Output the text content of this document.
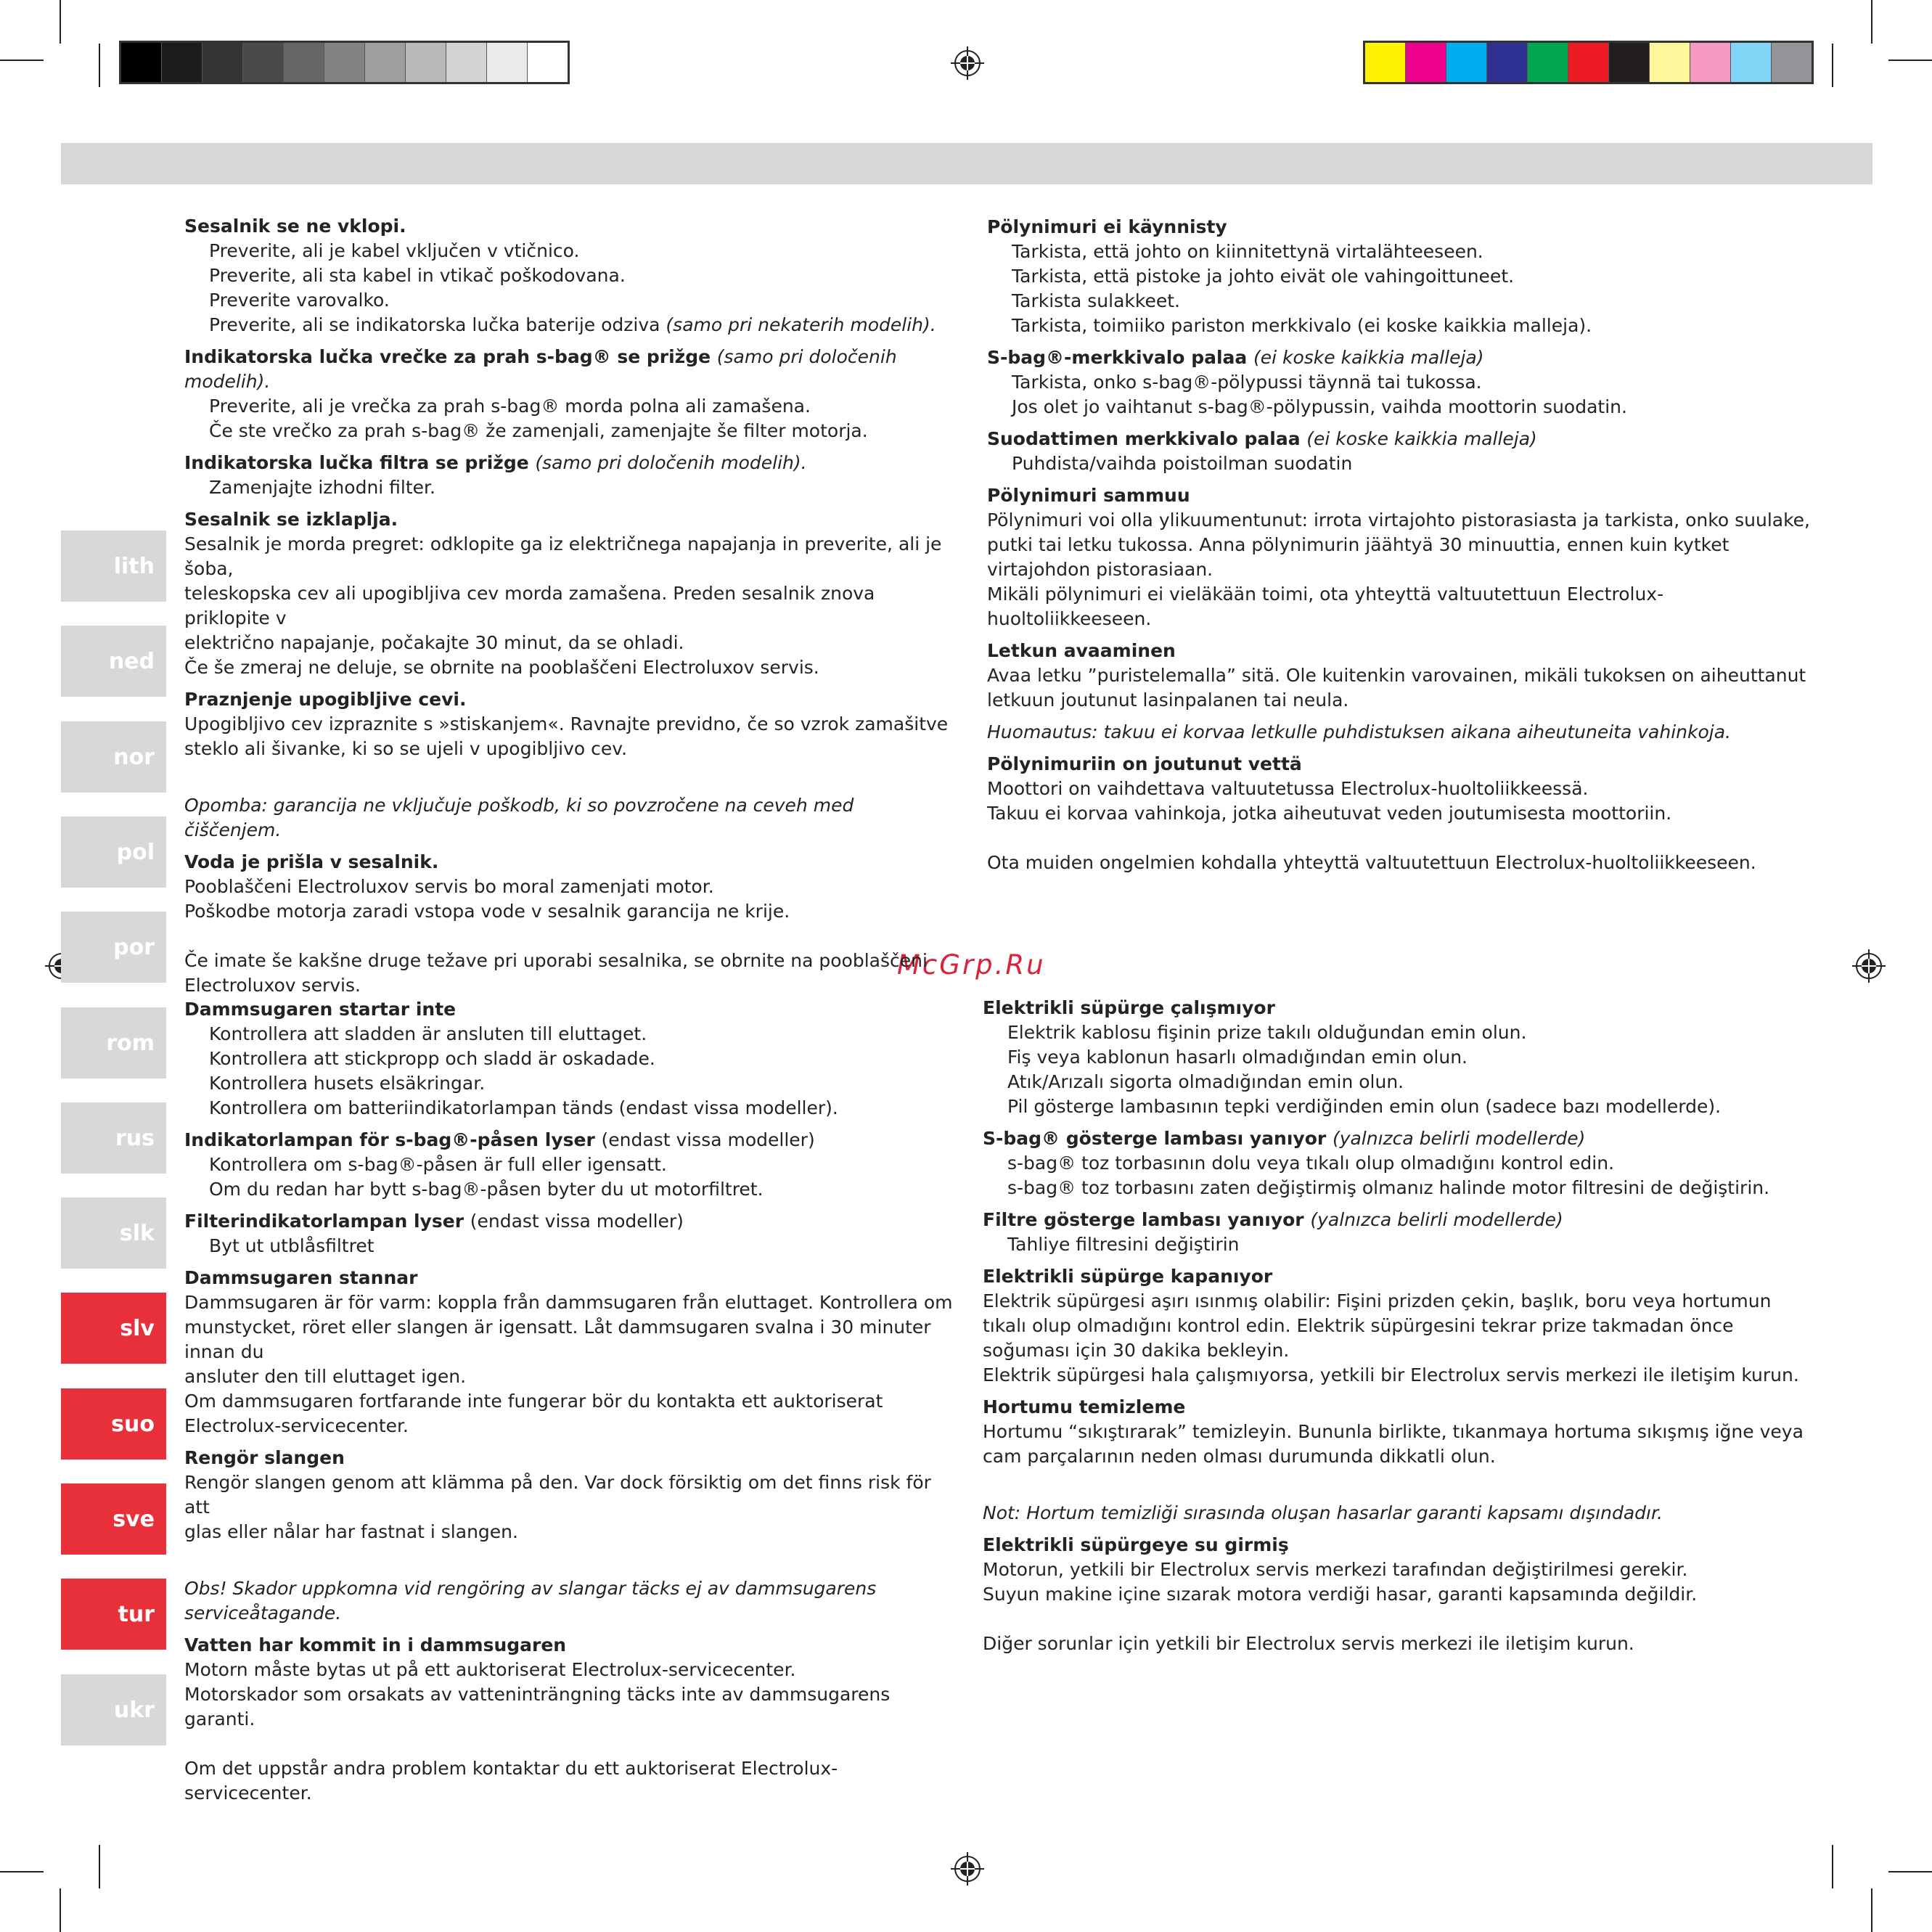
lith
ned
nor
pol
por
rom
rus
slk
slv
suo
sve
tur
ukr
McGrp.Ru
Sesalnik se ne vklopi.
Preverite, ali je kabel vključen v vtičnico.
Preverite, ali sta kabel in vtikač poškodovana.
Preverite varovalko.
Preverite, ali se indikatorska lučka baterije odziva (samo pri nekaterih modelih).
Indikatorska lučka vrečke za prah s-bag® se prižge (samo pri določenih modelih).
Preverite, ali je vrečka za prah s-bag® morda polna ali zamašena.
Če ste vrečko za prah s-bag® že zamenjali, zamenjajte še filter motorja.
Indikatorska lučka filtra se prižge (samo pri določenih modelih).
Zamenjajte izhodni filter.
Sesalnik se izklaplja.
Sesalnik je morda pregret: odklopite ga iz električnega napajanja in preverite, ali je šoba,
teleskopska cev ali upogibljiva cev morda zamašena. Preden sesalnik znova priklopite v
električno napajanje, počakajte 30 minut, da se ohladi.
Če še zmeraj ne deluje, se obrnite na pooblaščeni Electroluxov servis.
Praznjenje upogibljive cevi.
Upogibljivo cev izpraznite s »stiskanjem«. Ravnajte previdno, če so vzrok zamašitve
steklo ali šivanke, ki so se ujeli v upogibljivo cev.
Opomba: garancija ne vključuje poškodb, ki so povzročene na ceveh med čiščenjem.
Voda je prišla v sesalnik.
Pooblaščeni Electroluxov servis bo moral zamenjati motor.
Poškodbe motorja zaradi vstopa vode v sesalnik garancija ne krije.
Če imate še kakšne druge težave pri uporabi sesalnika, se obrnite na pooblaščeni
Electroluxov servis.
Pölynimuri ei käynnisty
Tarkista, että johto on kiinnitettynä virtalähteeseen.
Tarkista, että pistoke ja johto eivät ole vahingoittuneet.
Tarkista sulakkeet.
Tarkista, toimiiko pariston merkkivalo (ei koske kaikkia malleja).
S-bag®-merkkivalo palaa (ei koske kaikkia malleja)
Tarkista, onko s-bag®-pölypussi täynnä tai tukossa.
Jos olet jo vaihtanut s-bag®-pölypussin, vaihda moottorin suodatin.
Suodattimen merkkivalo palaa (ei koske kaikkia malleja)
Puhdista/vaihda poistoilman suodatin
Pölynimuri sammuu
Pölynimuri voi olla ylikuumentunut: irrota virtajohto pistorasiasta ja tarkista, onko suulake,
putki tai letku tukossa. Anna pölynimurin jäähtyä 30 minuuttia, ennen kuin kytket
virtajohdon pistorasiaan.
Mikäli pölynimuri ei vieläkään toimi, ota yhteyttä valtuutettuun Electrolux-
huoltoliikkeeseen.
Letkun avaaminen
Avaa letku ”puristelemalla” sitä. Ole kuitenkin varovainen, mikäli tukoksen on aiheuttanut
letkuun joutunut lasinpalanen tai neula.
Huomautus: takuu ei korvaa letkulle puhdistuksen aikana aiheutuneita vahinkoja.
Pölynimuriin on joutunut vettä
Moottori on vaihdettava valtuutetussa Electrolux-huoltoliikkeessä.
Takuu ei korvaa vahinkoja, jotka aiheutuvat veden joutumisesta moottoriin.
Ota muiden ongelmien kohdalla yhteyttä valtuutettuun Electrolux-huoltoliikkeeseen.
Dammsugaren startar inte
Kontrollera att sladden är ansluten till eluttaget.
Kontrollera att stickpropp och sladd är oskadade.
Kontrollera husets elsäkringar.
Kontrollera om batteriindikatorlampan tänds (endast vissa modeller).
Indikatorlampan för s-bag®-påsen lyser (endast vissa modeller)
Kontrollera om s-bag®-påsen är full eller igensatt.
Om du redan har bytt s-bag®-påsen byter du ut motorfiltret.
Filterindikatorlampan lyser (endast vissa modeller)
Byt ut utblåsfiltret
Dammsugaren stannar
Dammsugaren är för varm: koppla från dammsugaren från eluttaget. Kontrollera om
munstycket, röret eller slangen är igensatt. Låt dammsugaren svalna i 30 minuter innan du
ansluter den till eluttaget igen.
Om dammsugaren fortfarande inte fungerar bör du kontakta ett auktoriserat
Electrolux-servicecenter.
Rengör slangen
Rengör slangen genom att klämma på den. Var dock försiktig om det finns risk för att
glas eller nålar har fastnat i slangen.
Obs! Skador uppkomna vid rengöring av slangar täcks ej av dammsugarens serviceåtagande.
Vatten har kommit in i dammsugaren
Motorn måste bytas ut på ett auktoriserat Electrolux-servicecenter.
Motorskador som orsakats av vatteninträngning täcks inte av dammsugarens garanti.
Om det uppstår andra problem kontaktar du ett auktoriserat Electrolux-servicecenter.
Elektrikli süpürge çalışmıyor
Elektrik kablosu fişinin prize takılı olduğundan emin olun.
Fiş veya kablonun hasarlı olmadığından emin olun.
Atık/Arızalı sigorta olmadığından emin olun.
Pil gösterge lambasının tepki verdiğinden emin olun (sadece bazı modellerde).
S-bag® gösterge lambası yanıyor (yalnızca belirli modellerde)
s-bag® toz torbasının dolu veya tıkalı olup olmadığını kontrol edin.
s-bag® toz torbasını zaten değiştirmiş olmanız halinde motor filtresini de değiştirin.
Filtre gösterge lambası yanıyor (yalnızca belirli modellerde)
Tahliye filtresini değiştirin
Elektrikli süpürge kapanıyor
Elektrik süpürgesi aşırı ısınmış olabilir: Fişini prizden çekin, başlık, boru veya hortumun
tıkalı olup olmadığını kontrol edin. Elektrik süpürgesini tekrar prize takmadan önce
soğuması için 30 dakika bekleyin.
Elektrik süpürgesi hala çalışmıyorsa, yetkili bir Electrolux servis merkezi ile iletişim kurun.
Hortumu temizleme
Hortumu “sıkıştırarak” temizleyin. Bununla birlikte, tıkanmaya hortuma sıkışmış iğne veya
cam parçalarının neden olması durumunda dikkatli olun.
Not: Hortum temizliği sırasında oluşan hasarlar garanti kapsamı dışındadır.
Elektrikli süpürgeye su girmiş
Motorun, yetkili bir Electrolux servis merkezi tarafından değiştirilmesi gerekir.
Suyun makine içine sızarak motora verdiği hasar, garanti kapsamında değildir.
Diğer sorunlar için yetkili bir Electrolux servis merkezi ile iletişim kurun.
